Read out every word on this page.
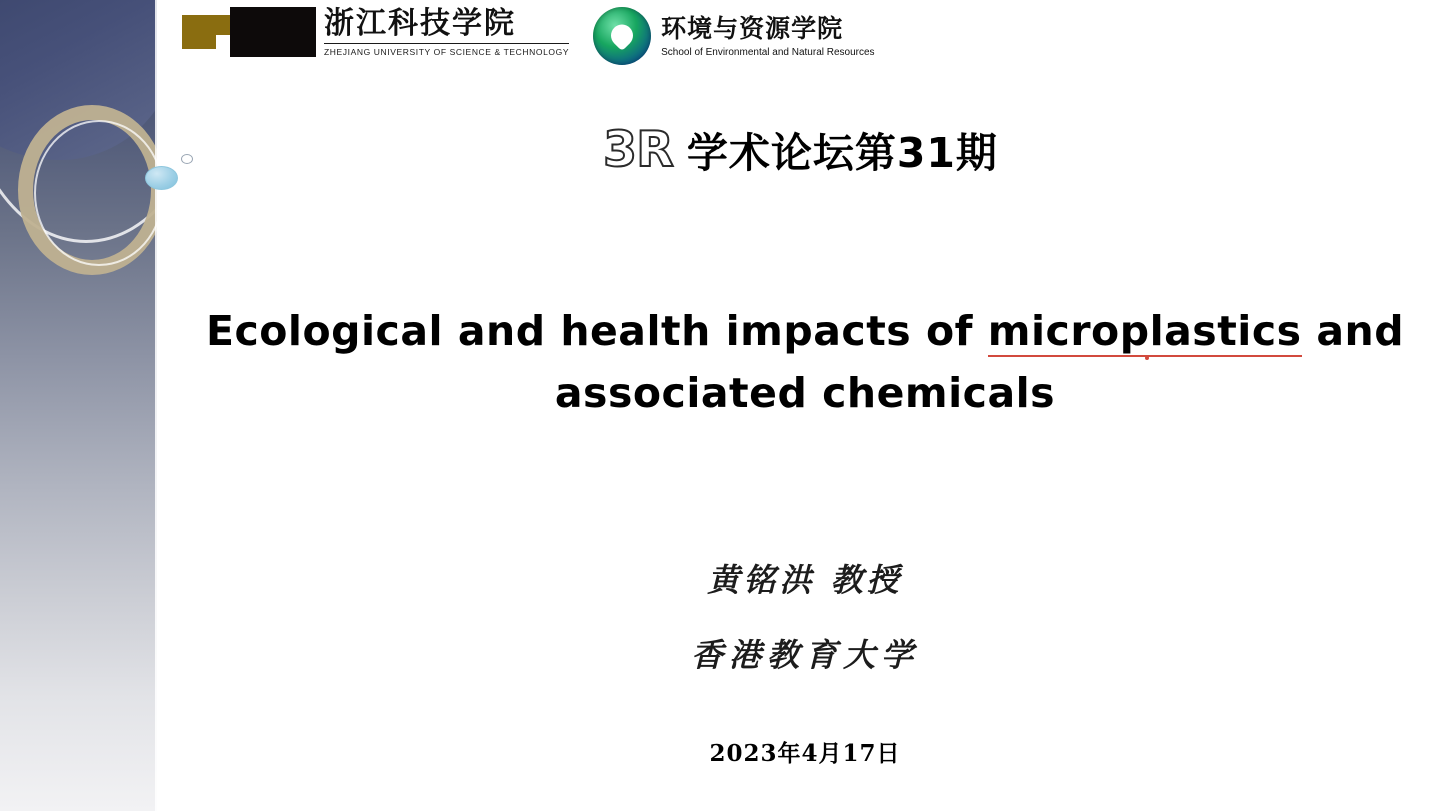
浙江科技学院
ZHEJIANG UNIVERSITY OF SCIENCE & TECHNOLOGY
环境与资源学院
School of Environmental and Natural Resources
3R 学术论坛第31期
Ecological and health impacts of microplastics and
associated chemicals
黄铭洪 教授
香港教育大学
2023年4月17日
